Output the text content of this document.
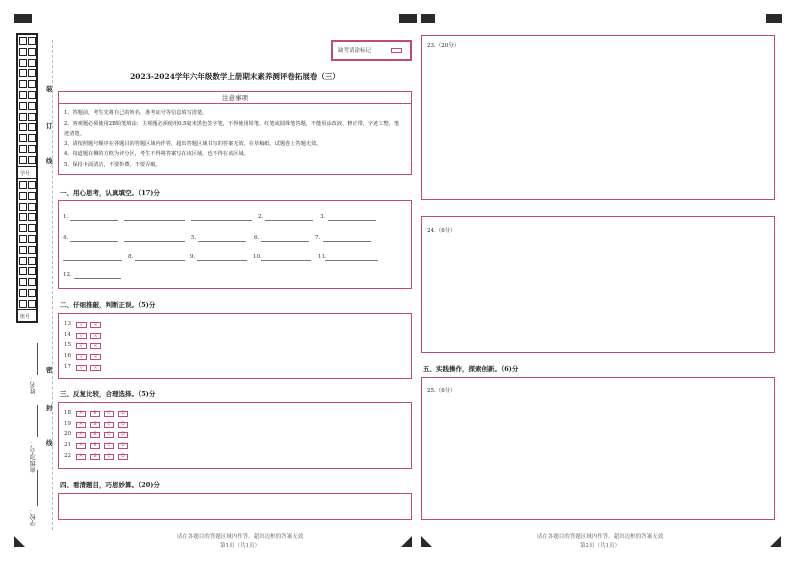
学号
座号
装
订
线
密
封
线
姓名：
班级/学号：
学校：
缺考请涂标记
2023-2024学年六年级数学上册期末素养测评卷拓展卷（三）
注意事项
1、答题前，考生先将自己的姓名、准考证号等信息填写清楚。
2、客观题必须使用2B铅笔填涂；主观题必须使用0.5毫米黑色签字笔，不得使用铅笔、红笔或圆珠笔答题，不能用涂改液、修正带，字迹工整，笔迹清楚。
3、请按照题号顺序在各题目的答题区域内作答，超出答题区域书写的答案无效，在草稿纸、试题卷上答题无效。
4、每道题在侧的方框为评分区，考生不得将答案写在该区域，也不得在该区域。
5、保持卡面清洁，不要折叠，不要弄破。
一、用心思考，认真填空。（17)分
1.	2.	3.
4.	5.	6.	7.
8.	9.	10.	11.
12.
二、仔细推敲，判断正误。（5)分
13	√	×
14	√	×
15	√	×
16	√	×
17	√	×
三、反复比较，合理选择。（5)分
18	A	B	C	D
19	A	B	C	D
20	A	B	C	D
21	A	B	C	D
22	A	B	C	D
四、看清题目，巧思妙算。（20)分
请在各题目的答题区域内作答，超出边框的答案无效
第1页（共1页）
23.（20分）
24.（6分）
五、实践操作，探索创新。（6)分
25.（6分）
请在各题目的答题区域内作答，超出边框的答案无效
第2页（共1页）
